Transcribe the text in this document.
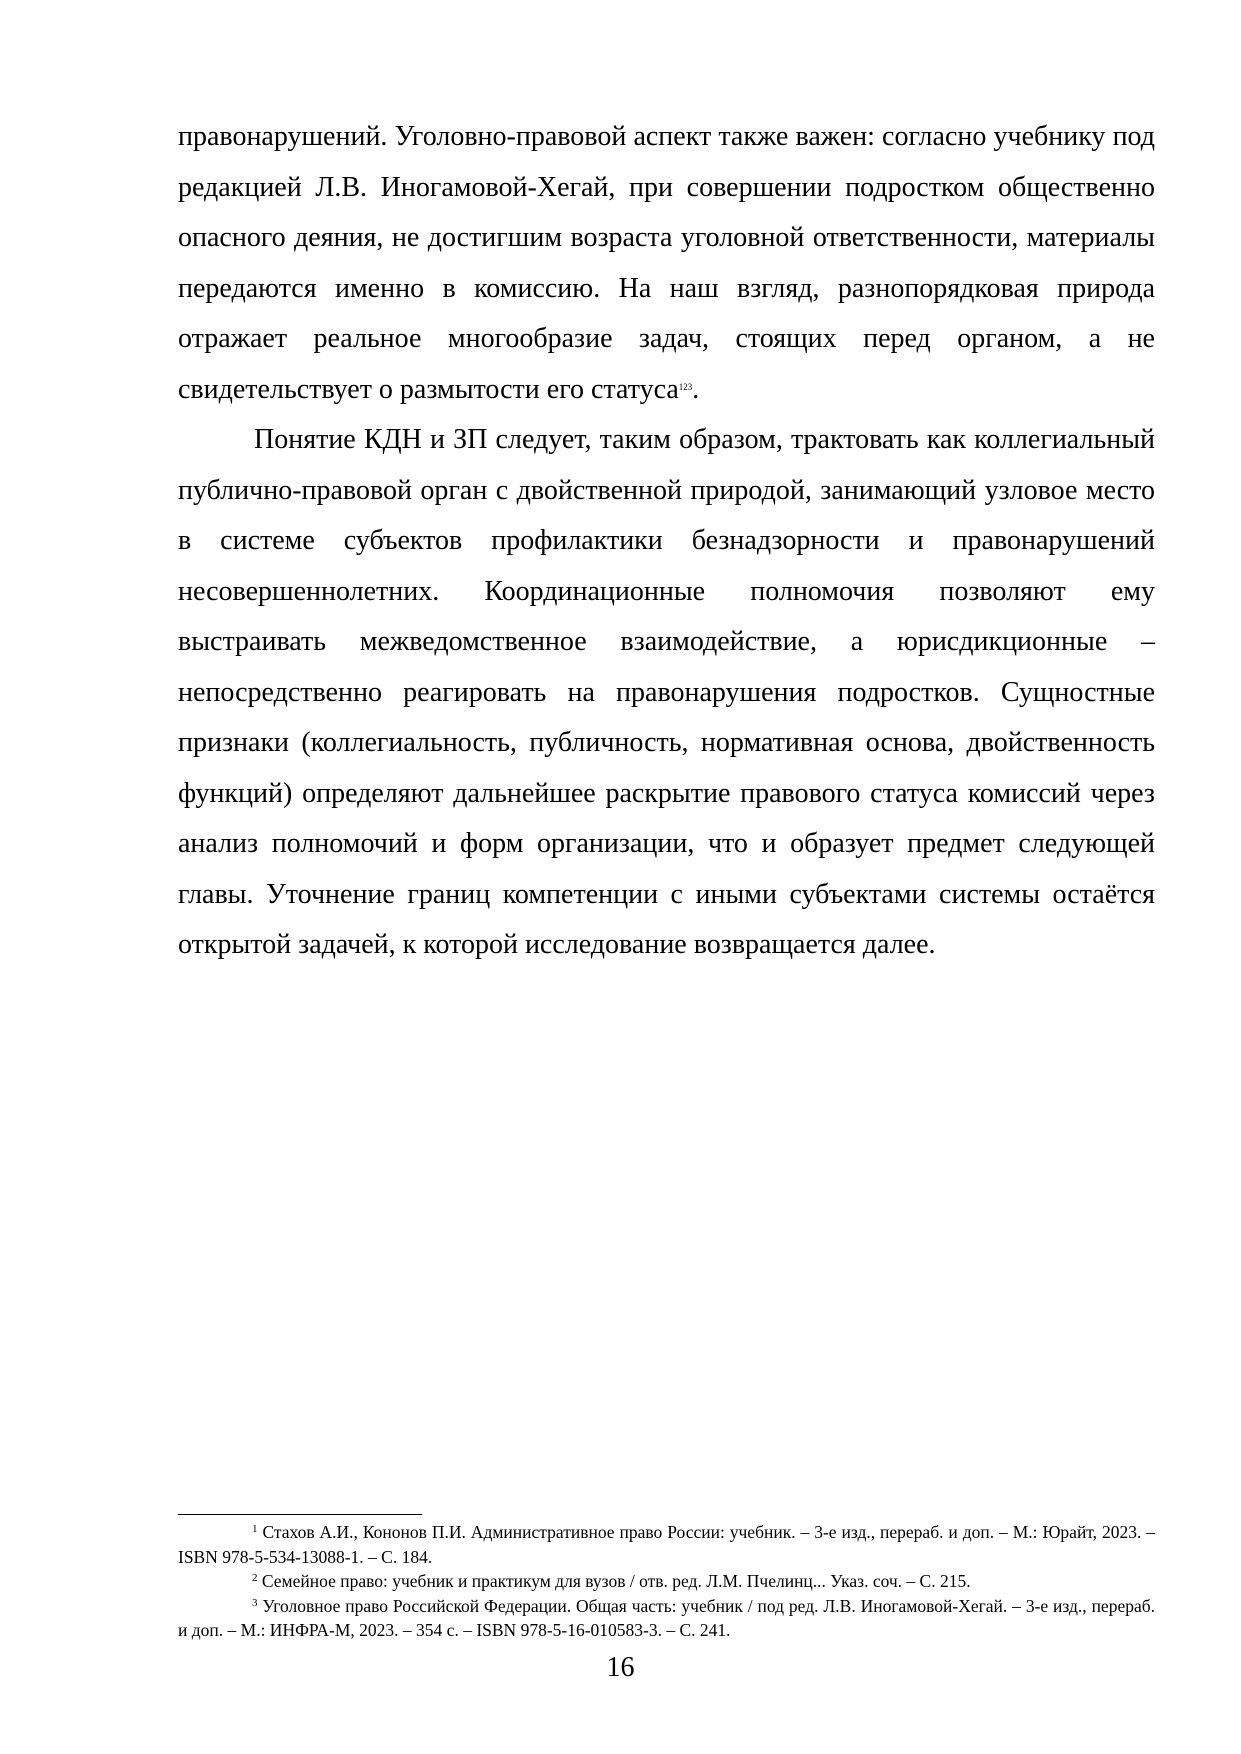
правонарушений. Уголовно-правовой аспект также важен: согласно учебнику под редакцией Л.В. Иногамовой-Хегай, при совершении подростком общественно опасного деяния, не достигшим возраста уголовной ответственности, материалы передаются именно в комиссию. На наш взгляд, разнопорядковая природа отражает реальное многообразие задач, стоящих перед органом, а не свидетельствует о размытости его статуса$^{123}$.

Понятие КДН и ЗП следует, таким образом, трактовать как коллегиальный публично-правовой орган с двойственной природой, занимающий узловое место в системе субъектов профилактики безнадзорности и правонарушений несовершеннолетних. Координационные полномочия позволяют ему выстраивать межведомственное взаимодействие, а юрисдикционные – непосредственно реагировать на правонарушения подростков. Сущностные признаки (коллегиальность, публичность, нормативная основа, двойственность функций) определяют дальнейшее раскрытие правового статуса комиссий через анализ полномочий и форм организации, что и образует предмет следующей главы. Уточнение границ компетенции с иными субъектами системы остаётся открытой задачей, к которой исследование возвращается далее.

$^1$ Стахов А.И., Кононов П.И. Административное право России: учебник. – 3-е изд., перераб. и доп. – М.: Юрайт, 2023. – ISBN 978-5-534-13088-1. – С. 184.

$^2$ Семейное право: учебник и практикум для вузов / отв. ред. Л.М. Пчелинц... Указ. соч. – С. 215.

$^3$ Уголовное право Российской Федерации. Общая часть: учебник / под ред. Л.В. Иногамовой-Хегай. – 3-е изд., перераб. и доп. – М.: ИНФРА-М, 2023. – 354 с. – ISBN 978-5-16-010583-3. – С. 241.

16
